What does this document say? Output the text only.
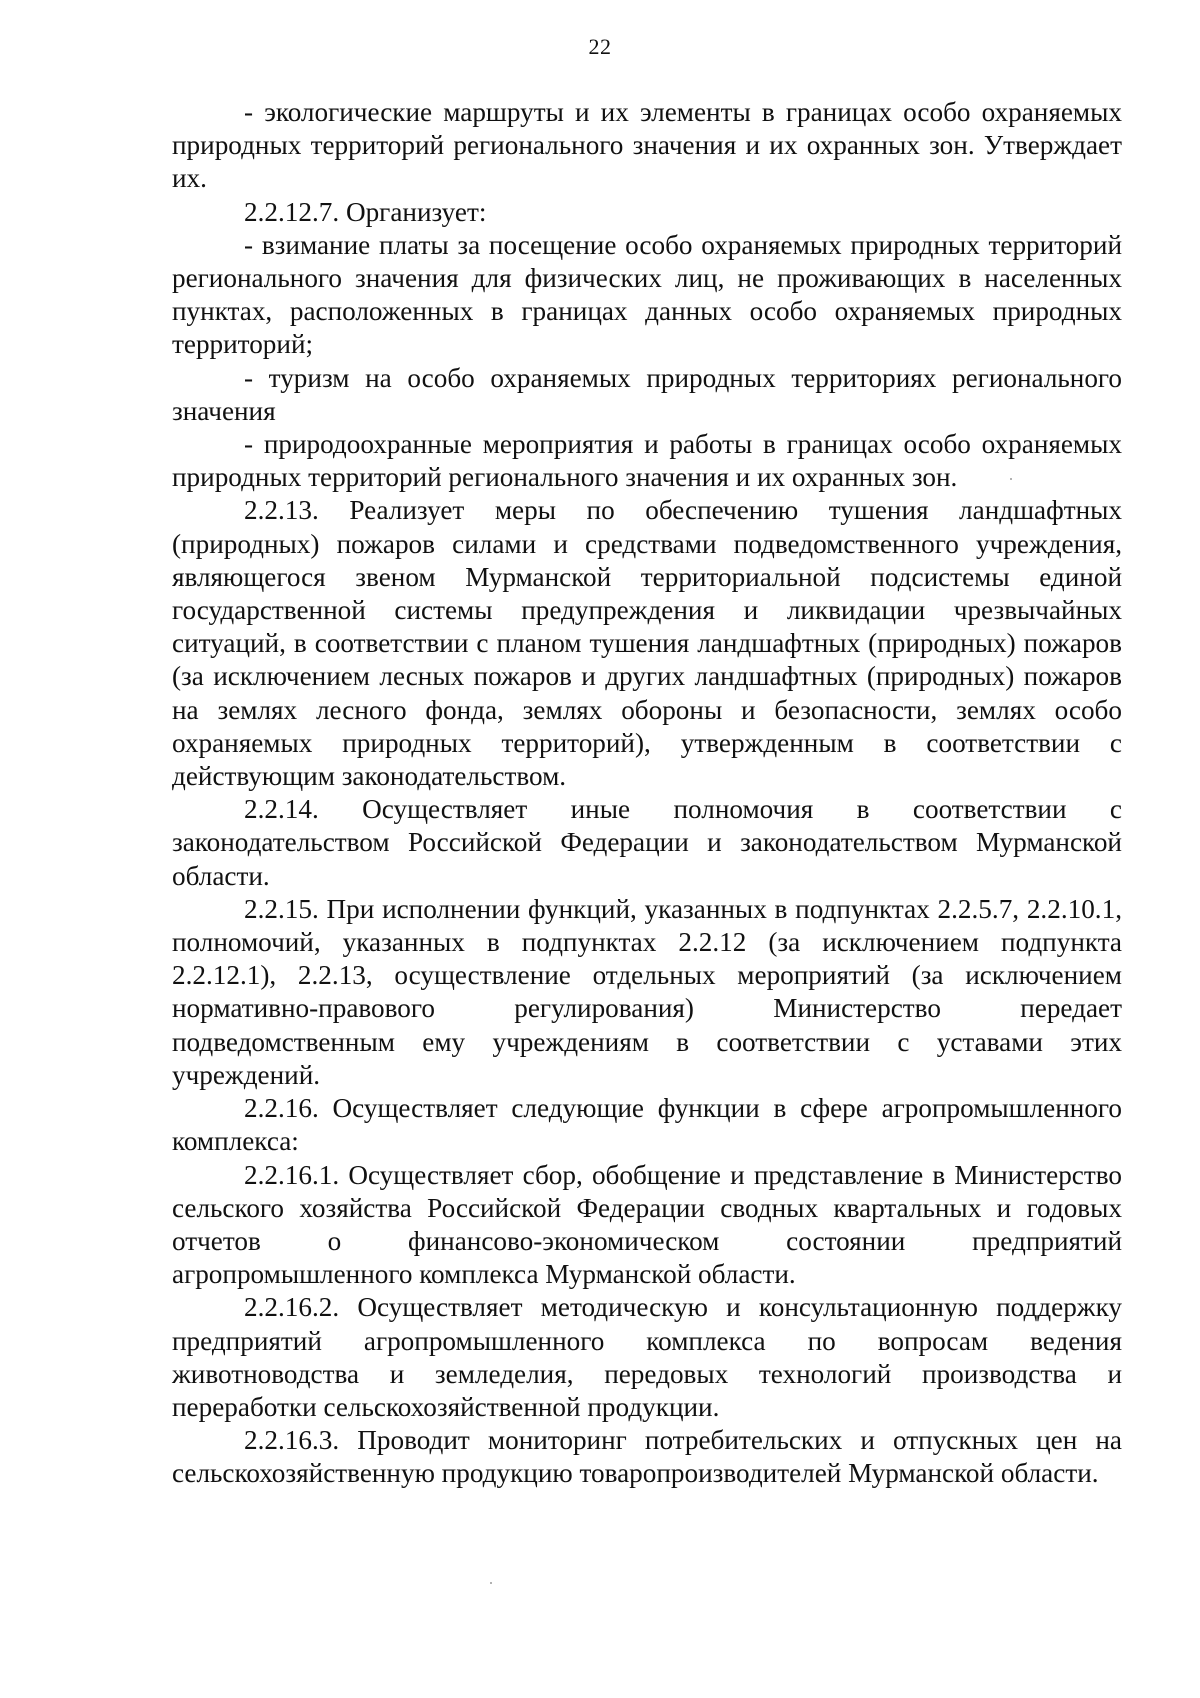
22

- экологические маршруты и их элементы в границах особо охраняемых природных территорий регионального значения и их охранных зон. Утверждает их.

2.2.12.7. Организует:

- взимание платы за посещение особо охраняемых природных территорий регионального значения для физических лиц, не проживающих в населенных пунктах, расположенных в границах данных особо охраняемых природных территорий;

- туризм на особо охраняемых природных территориях регионального значения

- природоохранные мероприятия и работы в границах особо охраняемых природных территорий регионального значения и их охранных зон.

2.2.13. Реализует меры по обеспечению тушения ландшафтных (природных) пожаров силами и средствами подведомственного учреждения, являющегося звеном Мурманской территориальной подсистемы единой государственной системы предупреждения и ликвидации чрезвычайных ситуаций, в соответствии с планом тушения ландшафтных (природных) пожаров (за исключением лесных пожаров и других ландшафтных (природных) пожаров на землях лесного фонда, землях обороны и безопасности, землях особо охраняемых природных территорий), утвержденным в соответствии с действующим законодательством.

2.2.14. Осуществляет иные полномочия в соответствии с законодательством Российской Федерации и законодательством Мурманской области.

2.2.15. При исполнении функций, указанных в подпунктах 2.2.5.7, 2.2.10.1, полномочий, указанных в подпунктах 2.2.12 (за исключением подпункта 2.2.12.1), 2.2.13, осуществление отдельных мероприятий (за исключением нормативно-правового регулирования) Министерство передает подведомственным ему учреждениям в соответствии с уставами этих учреждений.

2.2.16. Осуществляет следующие функции в сфере агропромышленного комплекса:

2.2.16.1. Осуществляет сбор, обобщение и представление в Министерство сельского хозяйства Российской Федерации сводных квартальных и годовых отчетов о финансово-экономическом состоянии предприятий агропромышленного комплекса Мурманской области.

2.2.16.2. Осуществляет методическую и консультационную поддержку предприятий агропромышленного комплекса по вопросам ведения животноводства и земледелия, передовых технологий производства и переработки сельскохозяйственной продукции.

2.2.16.3. Проводит мониторинг потребительских и отпускных цен на сельскохозяйственную продукцию товаропроизводителей Мурманской области.
